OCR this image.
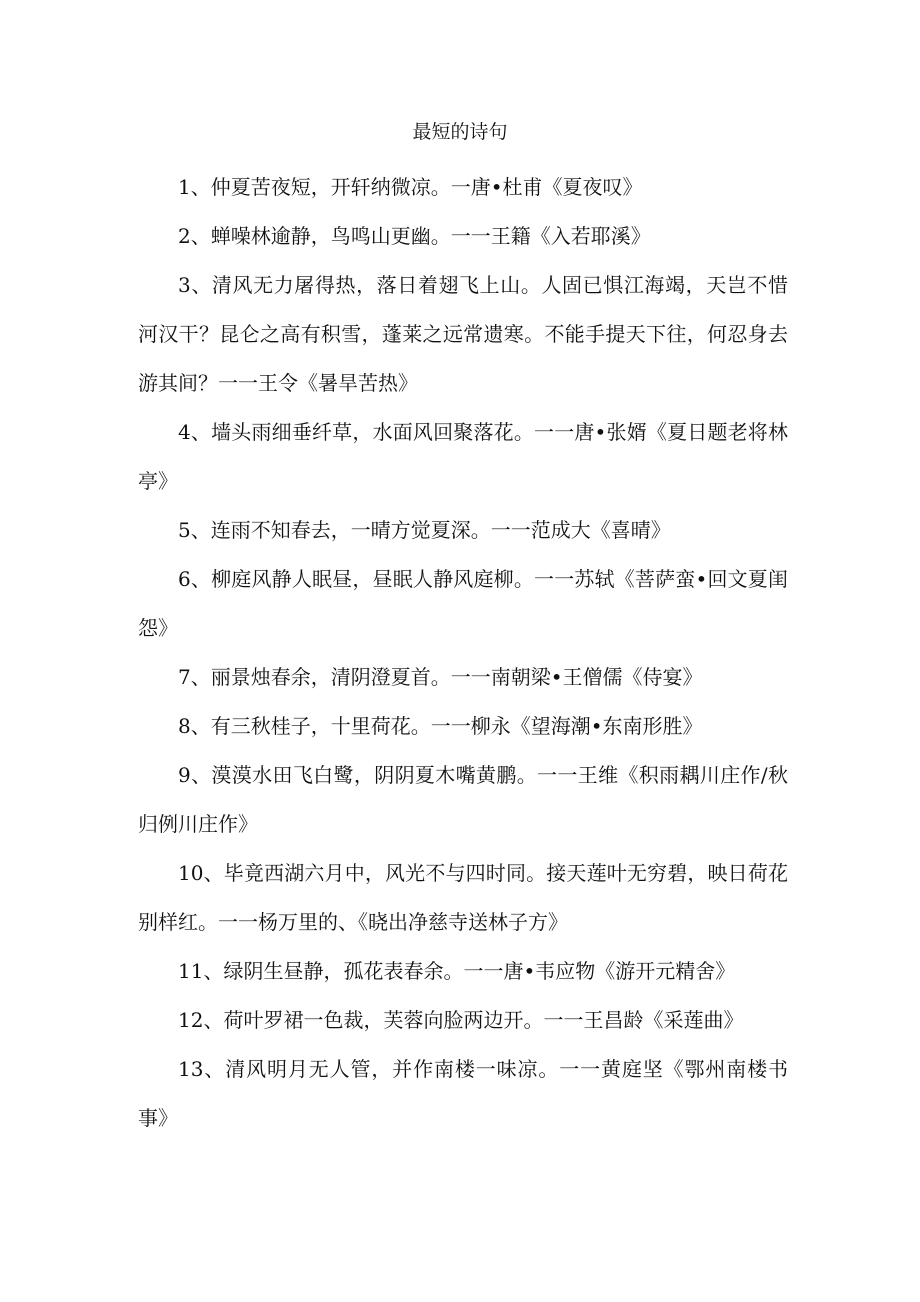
最短的诗句

1、仲夏苦夜短，开轩纳微凉。一唐•杜甫《夏夜叹》

2、蝉噪林逾静，鸟鸣山更幽。一一王籍《入若耶溪》

3、清风无力屠得热，落日着翅飞上山。人固已惧江海竭，天岂不惜河汉干？昆仑之高有积雪，蓬莱之远常遗寒。不能手提天下往，何忍身去游其间？一一王令《暑旱苦热》

4、墙头雨细垂纤草，水面风回聚落花。一一唐•张婿《夏日题老将林亭》

5、连雨不知春去，一晴方觉夏深。一一范成大《喜晴》

6、柳庭风静人眠昼，昼眠人静风庭柳。一一苏轼《菩萨蛮•回文夏闺怨》

7、丽景烛春余，清阴澄夏首。一一南朝梁•王僧儒《侍宴》

8、有三秋桂子，十里荷花。一一柳永《望海潮•东南形胜》

9、漠漠水田飞白鹭，阴阴夏木嘴黄鹏。一一王维《积雨耦川庄作/秋归例川庄作》

10、毕竟西湖六月中，风光不与四时同。接天莲叶无穷碧，映日荷花别样红。一一杨万里的、《晓出净慈寺送林子方》

11、绿阴生昼静，孤花表春余。一一唐•韦应物《游开元精舍》

12、荷叶罗裙一色裁，芙蓉向脸两边开。一一王昌龄《采莲曲》

13、清风明月无人管，并作南楼一味凉。一一黄庭坚《鄂州南楼书事》
